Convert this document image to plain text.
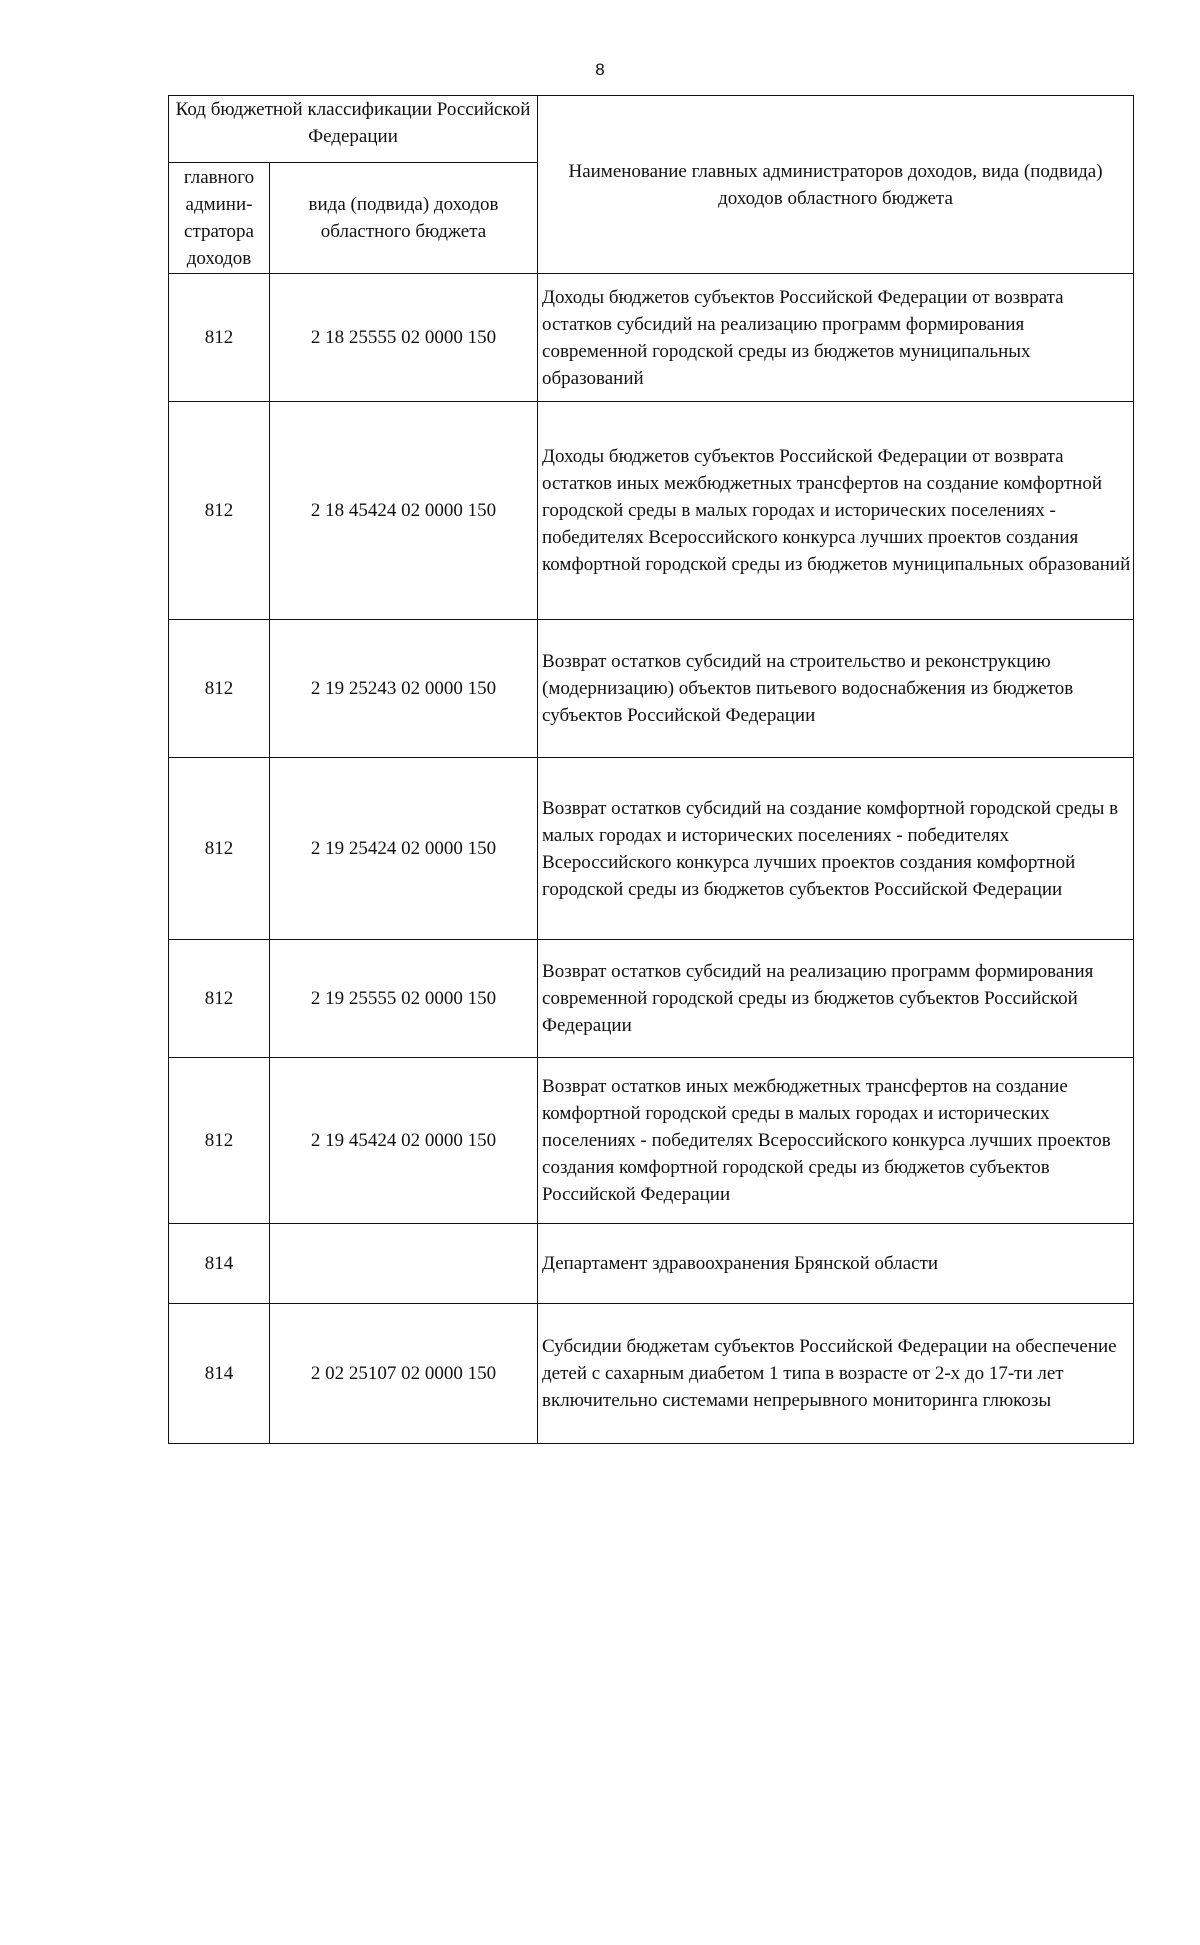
8
Код бюджетной классификации Российской Федерации		Наименование главных администраторов доходов, вида (подвида) доходов областного бюджета
главного админи-стратора доходов	вида (подвида) доходов областного бюджета	
812	2 18 25555 02 0000 150	Доходы бюджетов субъектов Российской Федерации от возврата остатков субсидий на реализацию программ формирования современной городской среды из бюджетов муниципальных образований
812	2 18 45424 02 0000 150	Доходы бюджетов субъектов Российской Федерации от возврата остатков иных межбюджетных трансфертов на создание комфортной городской среды в малых городах и исторических поселениях - победителях Всероссийского конкурса лучших проектов создания комфортной городской среды из бюджетов муниципальных образований
812	2 19 25243 02 0000 150	Возврат остатков субсидий на строительство и реконструкцию (модернизацию) объектов питьевого водоснабжения из бюджетов субъектов Российской Федерации
812	2 19 25424 02 0000 150	Возврат остатков субсидий на создание комфортной городской среды в малых городах и исторических поселениях - победителях Всероссийского конкурса лучших проектов создания комфортной городской среды из бюджетов субъектов Российской Федерации
812	2 19 25555 02 0000 150	Возврат остатков субсидий на реализацию программ формирования современной городской среды из бюджетов субъектов Российской Федерации
812	2 19 45424 02 0000 150	Возврат остатков иных межбюджетных трансфертов на создание комфортной городской среды в малых городах и исторических поселениях - победителях Всероссийского конкурса лучших проектов создания комфортной городской среды из бюджетов субъектов Российской Федерации
814		Департамент здравоохранения Брянской области
814	2 02 25107 02 0000 150	Субсидии бюджетам субъектов Российской Федерации на обеспечение детей с сахарным диабетом 1 типа в возрасте от 2-х до 17-ти лет включительно системами непрерывного мониторинга глюкозы
